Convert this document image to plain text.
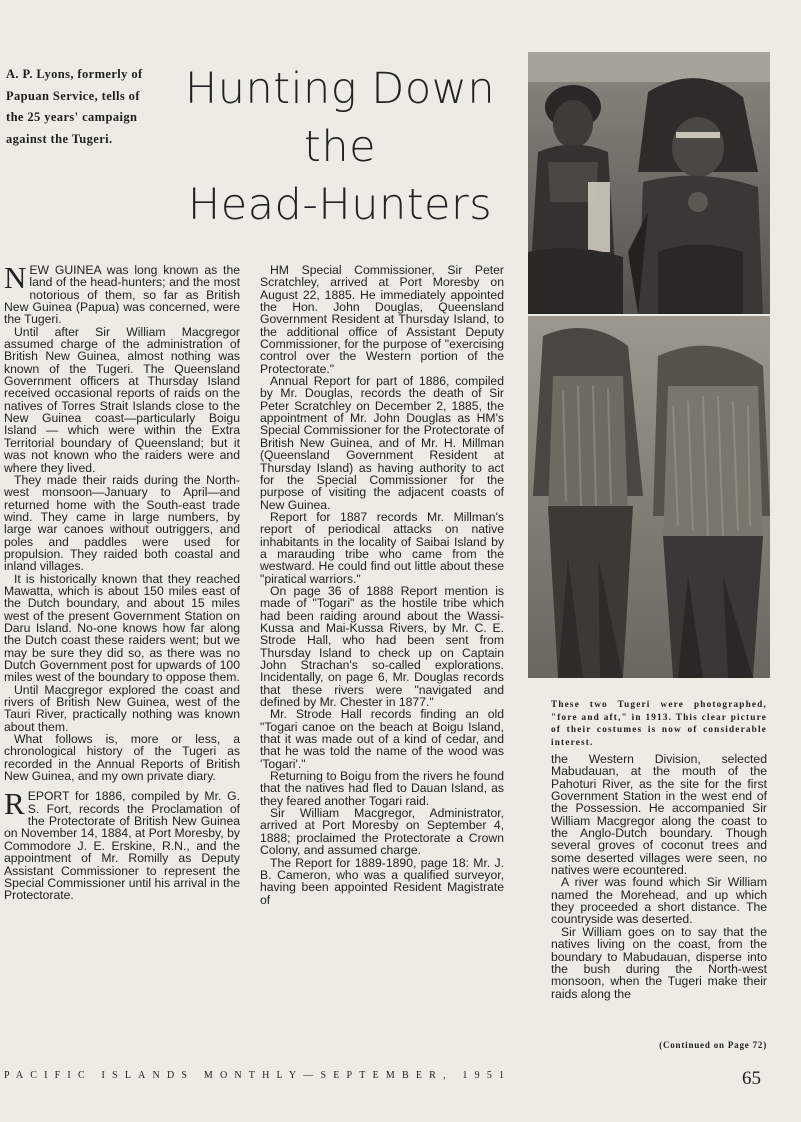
A. P. Lyons, formerly of Papuan Service, tells of the 25 years' campaign against the Tugeri.
Hunting Down
the
Head-Hunters

NEW GUINEA was long known as the land of the head-hunters; and the most notorious of them, so far as British New Guinea (Papua) was concerned, were the Tugeri.

Until after Sir William Macgregor assumed charge of the administration of British New Guinea, almost nothing was known of the Tugeri. The Queensland Government officers at Thursday Island received occasional reports of raids on the natives of Torres Strait Islands close to the New Guinea coast—particularly Boigu Island — which were within the Extra Territorial boundary of Queensland; but it was not known who the raiders were and where they lived.

They made their raids during the North-west monsoon—January to April—and returned home with the South-east trade wind. They came in large numbers, by large war canoes without outriggers, and poles and paddles were used for propulsion. They raided both coastal and inland villages.

It is historically known that they reached Mawatta, which is about 150 miles east of the Dutch boundary, and about 15 miles west of the present Government Station on Daru Island. No-one knows how far along the Dutch coast these raiders went; but we may be sure they did so, as there was no Dutch Government post for upwards of 100 miles west of the boundary to oppose them.

Until Macgregor explored the coast and rivers of British New Guinea, west of the Tauri River, practically nothing was known about them.

What follows is, more or less, a chronological history of the Tugeri as recorded in the Annual Reports of British New Guinea, and my own private diary.

REPORT for 1886, compiled by Mr. G. S. Fort, records the Proclamation of the Protectorate of British New Guinea on November 14, 1884, at Port Moresby, by Commodore J. E. Erskine, R.N., and the appointment of Mr. Romilly as Deputy Assistant Commissioner to represent the Special Commissioner until his arrival in the Protectorate.

HM Special Commissioner, Sir Peter Scratchley, arrived at Port Moresby on August 22, 1885. He immediately appointed the Hon. John Douglas, Queensland Government Resident at Thursday Island, to the additional office of Assistant Deputy Commissioner, for the purpose of "exercising control over the Western portion of the Protectorate."

Annual Report for part of 1886, compiled by Mr. Douglas, records the death of Sir Peter Scratchley on December 2, 1885, the appointment of Mr. John Douglas as HM's Special Commissioner for the Protectorate of British New Guinea, and of Mr. H. Millman (Queensland Government Resident at Thursday Island) as having authority to act for the Special Commissioner for the purpose of visiting the adjacent coasts of New Guinea.

Report for 1887 records Mr. Millman's report of periodical attacks on native inhabitants in the locality of Saibai Island by a marauding tribe who came from the westward. He could find out little about these "piratical warriors."

On page 36 of 1888 Report mention is made of "Togari" as the hostile tribe which had been raiding around about the Wassi-Kussa and Mai-Kussa Rivers, by Mr. C. E. Strode Hall, who had been sent from Thursday Island to check up on Captain John Strachan's so-called explorations. Incidentally, on page 6, Mr. Douglas records that these rivers were "navigated and defined by Mr. Chester in 1877."

Mr. Strode Hall records finding an old "Togari canoe on the beach at Boigu Island, that it was made out of a kind of cedar, and that he was told the name of the wood was 'Togari'."

Returning to Boigu from the rivers he found that the natives had fled to Dauan Island, as they feared another Togari raid.

Sir William Macgregor, Administrator, arrived at Port Moresby on September 4, 1888; proclaimed the Protectorate a Crown Colony, and assumed charge.

The Report for 1889-1890, page 18: Mr. J. B. Cameron, who was a qualified surveyor, having been appointed Resident Magistrate of

These two Tugeri were photographed, "fore and aft," in 1913. This clear picture of their costumes is now of considerable interest.

the Western Division, selected Mabudauan, at the mouth of the Pahoturi River, as the site for the first Government Station in the west end of the Possession. He accompanied Sir William Macgregor along the coast to the Anglo-Dutch boundary. Though several groves of coconut trees and some deserted villages were seen, no natives were ecountered.

A river was found which Sir William named the Morehead, and up which they proceeded a short distance. The countryside was deserted.

Sir William goes on to say that the natives living on the coast, from the boundary to Mabudauan, disperse into the bush during the North-west monsoon, when the Tugeri make their raids along the

(Continued on Page 72)
PACIFIC ISLANDS MONTHLY—SEPTEMBER, 1951	65
